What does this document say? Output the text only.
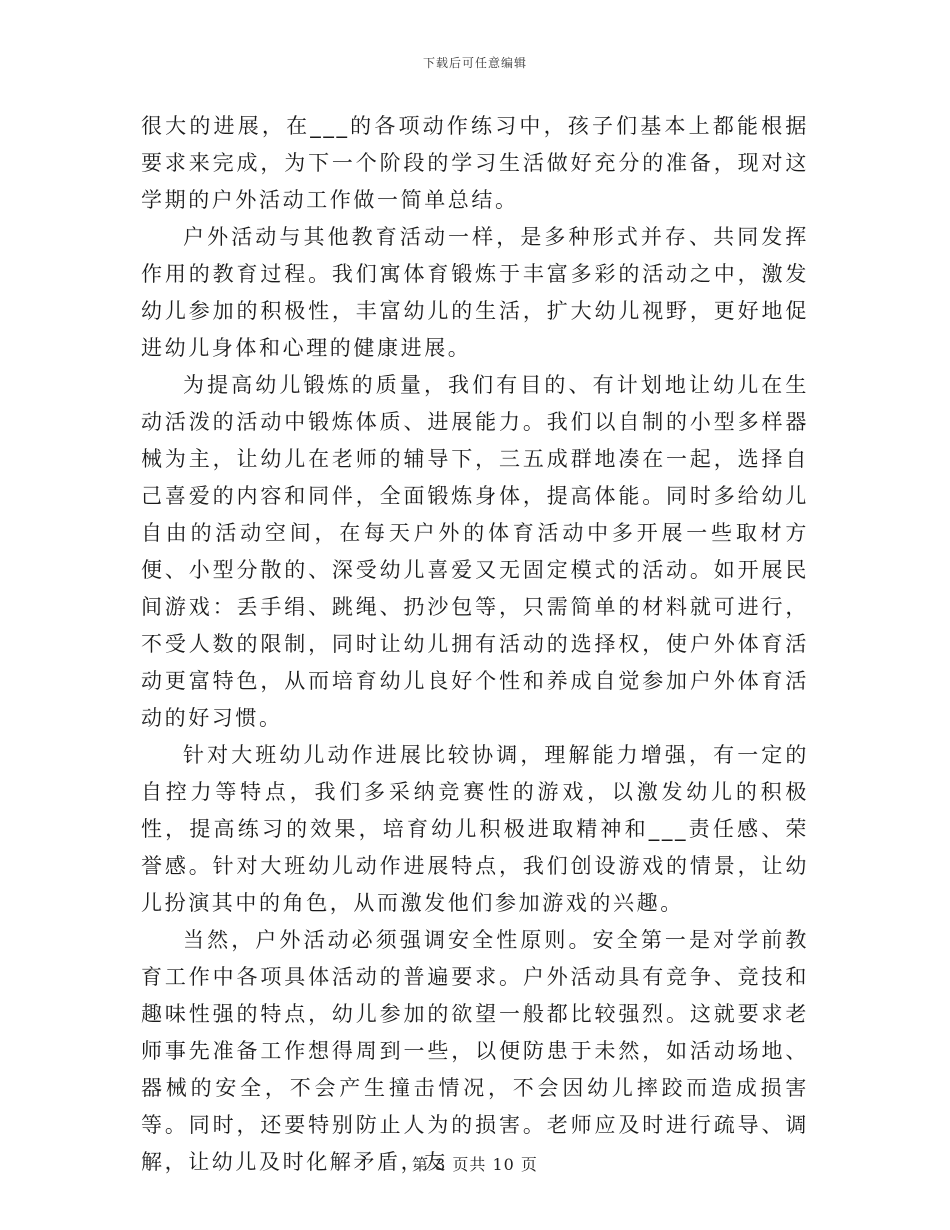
下载后可任意编辑

很大的进展，在___的各项动作练习中，孩子们基本上都能根据要求来完成，为下一个阶段的学习生活做好充分的准备，现对这学期的户外活动工作做一简单总结。

户外活动与其他教育活动一样，是多种形式并存、共同发挥作用的教育过程。我们寓体育锻炼于丰富多彩的活动之中，激发幼儿参加的积极性，丰富幼儿的生活，扩大幼儿视野，更好地促进幼儿身体和心理的健康进展。

为提高幼儿锻炼的质量，我们有目的、有计划地让幼儿在生动活泼的活动中锻炼体质、进展能力。我们以自制的小型多样器械为主，让幼儿在老师的辅导下，三五成群地凑在一起，选择自己喜爱的内容和同伴，全面锻炼身体，提高体能。同时多给幼儿自由的活动空间，在每天户外的体育活动中多开展一些取材方便、小型分散的、深受幼儿喜爱又无固定模式的活动。如开展民间游戏：丢手绢、跳绳、扔沙包等，只需简单的材料就可进行，不受人数的限制，同时让幼儿拥有活动的选择权，使户外体育活动更富特色，从而培育幼儿良好个性和养成自觉参加户外体育活动的好习惯。

针对大班幼儿动作进展比较协调，理解能力增强，有一定的自控力等特点，我们多采纳竞赛性的游戏，以激发幼儿的积极性，提高练习的效果，培育幼儿积极进取精神和___责任感、荣誉感。针对大班幼儿动作进展特点，我们创设游戏的情景，让幼儿扮演其中的角色，从而激发他们参加游戏的兴趣。

当然，户外活动必须强调安全性原则。安全第一是对学前教育工作中各项具体活动的普遍要求。户外活动具有竞争、竞技和趣味性强的特点，幼儿参加的欲望一般都比较强烈。这就要求老师事先准备工作想得周到一些，以便防患于未然，如活动场地、器械的安全，不会产生撞击情况，不会因幼儿摔跤而造成损害等。同时，还要特别防止人为的损害。老师应及时进行疏导、调解，让幼儿及时化解矛盾，友

第 3 页共 10 页
